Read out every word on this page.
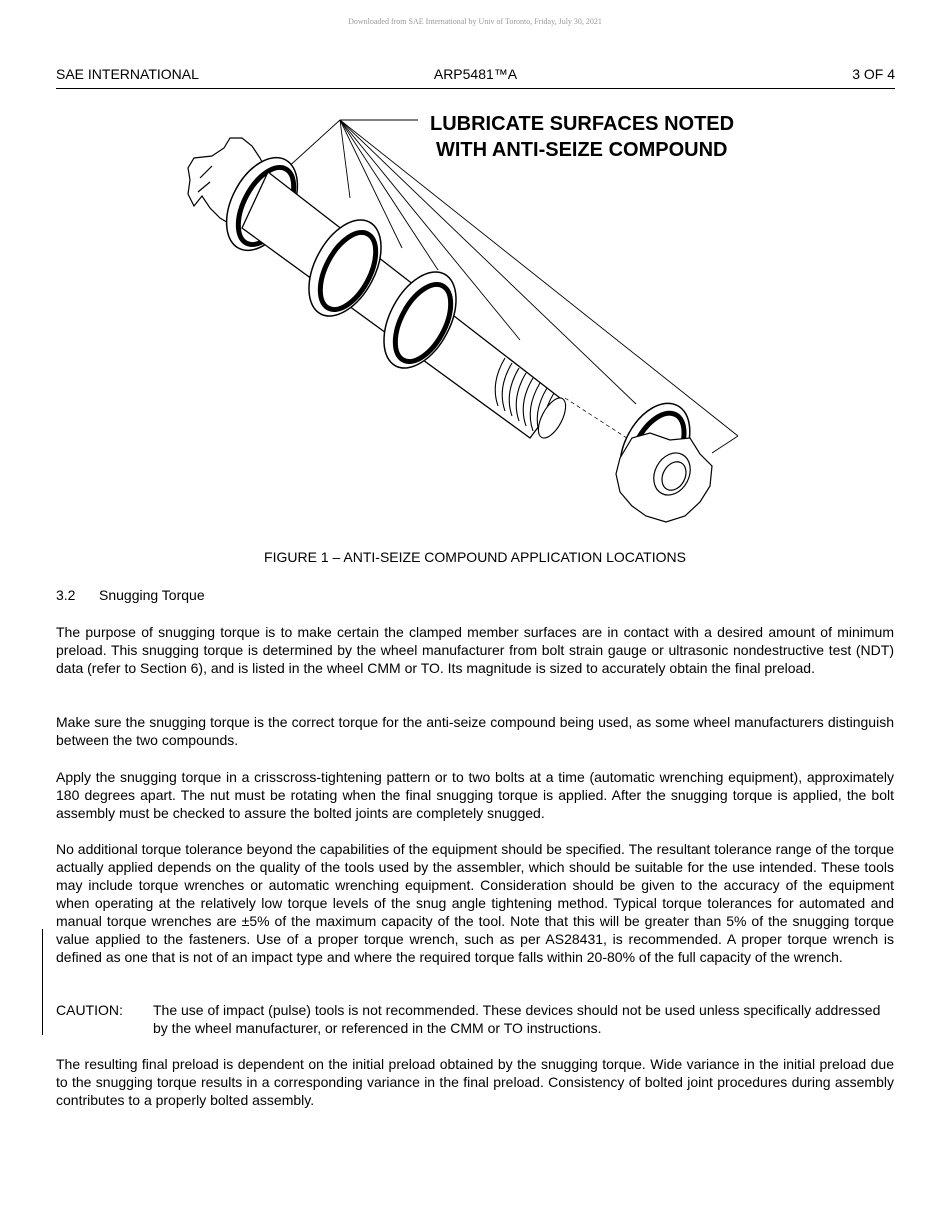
Downloaded from SAE International by Univ of Toronto, Friday, July 30, 2021
ARP5481™A
SAE INTERNATIONAL	3 OF 4
LUBRICATE SURFACES NOTED
WITH ANTI-SEIZE COMPOUND
FIGURE 1 – ANTI-SEIZE COMPOUND APPLICATION LOCATIONS
3.2 Snugging Torque

The purpose of snugging torque is to make certain the clamped member surfaces are in contact with a desired amount of minimum preload. This snugging torque is determined by the wheel manufacturer from bolt strain gauge or ultrasonic nondestructive test (NDT) data (refer to Section 6), and is listed in the wheel CMM or TO. Its magnitude is sized to accurately obtain the final preload.

Make sure the snugging torque is the correct torque for the anti-seize compound being used, as some wheel manufacturers distinguish between the two compounds.

Apply the snugging torque in a crisscross-tightening pattern or to two bolts at a time (automatic wrenching equipment), approximately 180 degrees apart. The nut must be rotating when the final snugging torque is applied. After the snugging torque is applied, the bolt assembly must be checked to assure the bolted joints are completely snugged.

No additional torque tolerance beyond the capabilities of the equipment should be specified. The resultant tolerance range of the torque actually applied depends on the quality of the tools used by the assembler, which should be suitable for the use intended. These tools may include torque wrenches or automatic wrenching equipment. Consideration should be given to the accuracy of the equipment when operating at the relatively low torque levels of the snug angle tightening method. Typical torque tolerances for automated and manual torque wrenches are ±5% of the maximum capacity of the tool. Note that this will be greater than 5% of the snugging torque value applied to the fasteners. Use of a proper torque wrench, such as per AS28431, is recommended. A proper torque wrench is defined as one that is not of an impact type and where the required torque falls within 20-80% of the full capacity of the wrench.

CAUTION: The use of impact (pulse) tools is not recommended. These devices should not be used unless specifically addressed by the wheel manufacturer, or referenced in the CMM or TO instructions.

The resulting final preload is dependent on the initial preload obtained by the snugging torque. Wide variance in the initial preload due to the snugging torque results in a corresponding variance in the final preload. Consistency of bolted joint procedures during assembly contributes to a properly bolted assembly.
